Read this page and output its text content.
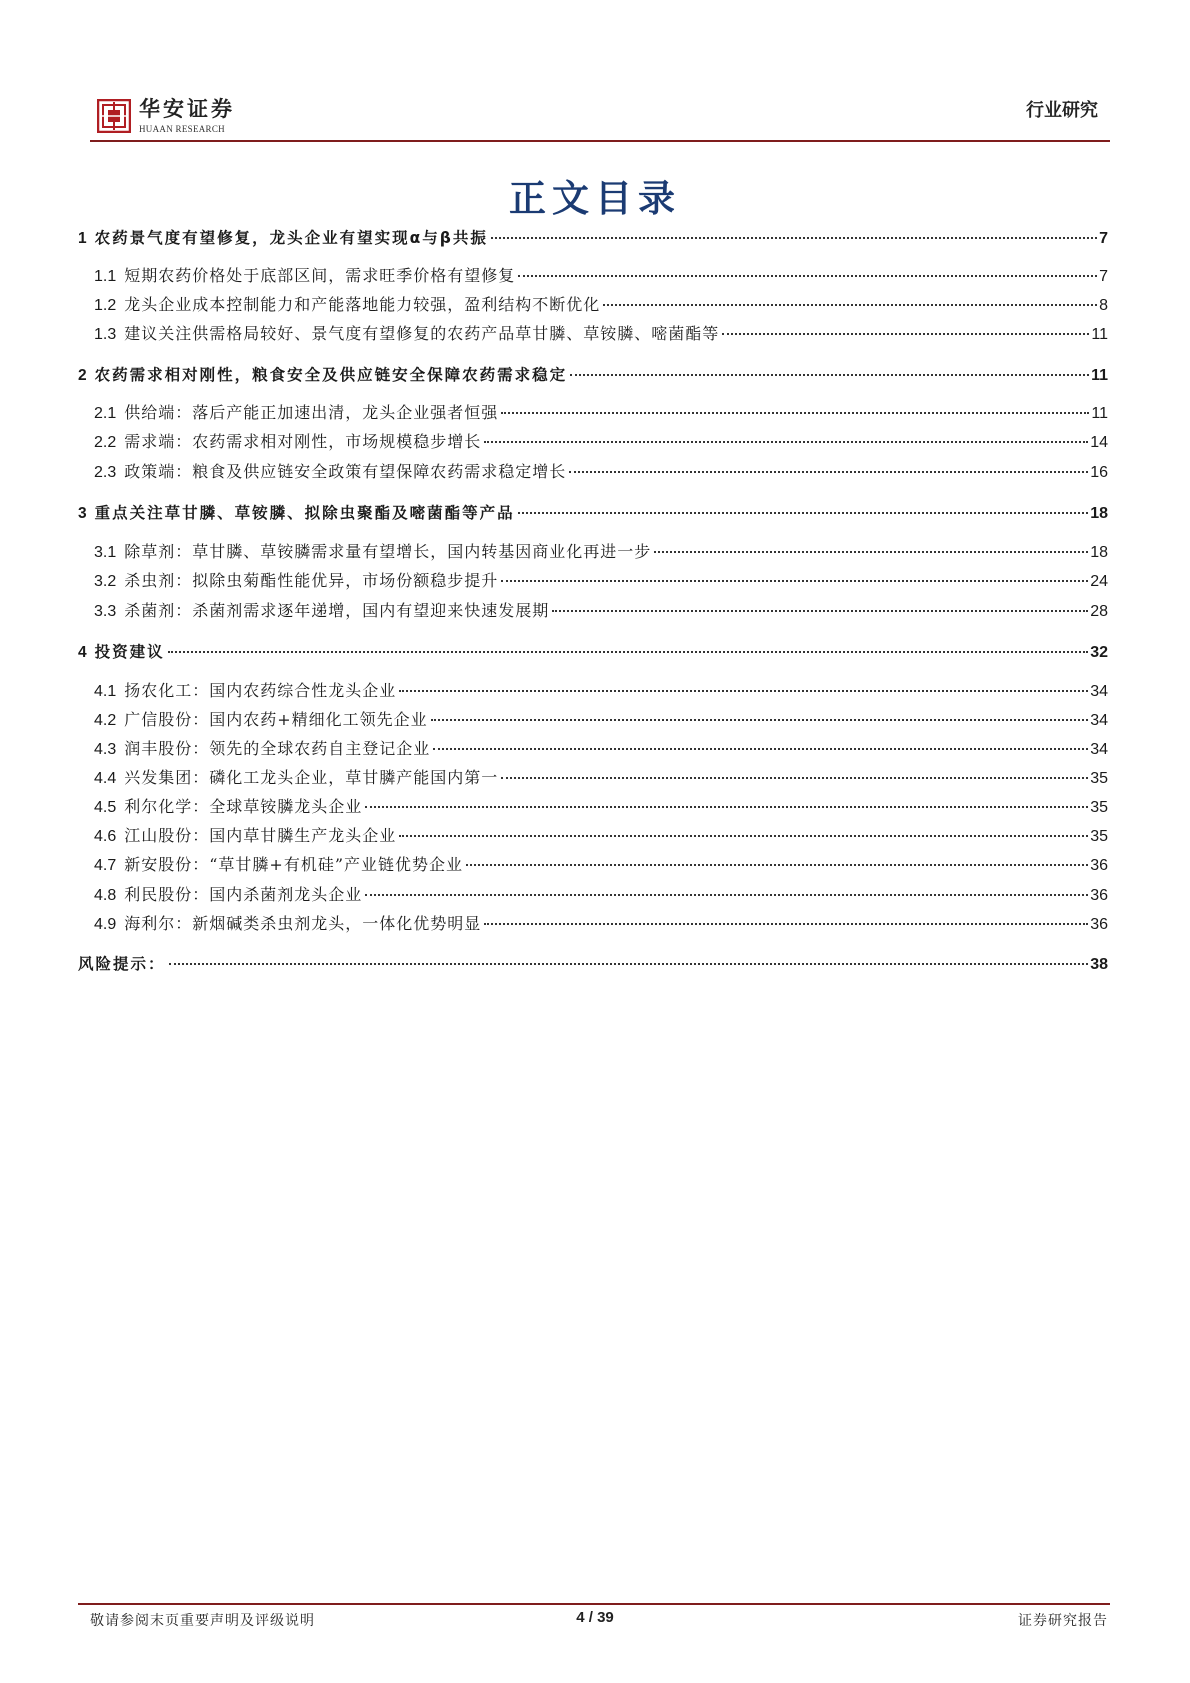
华安证券
HUAAN RESEARCH
行业研究
正文目录
1 农药景气度有望修复，龙头企业有望实现α与β共振	7
1.1 短期农药价格处于底部区间，需求旺季价格有望修复	7
1.2 龙头企业成本控制能力和产能落地能力较强，盈利结构不断优化	8
1.3 建议关注供需格局较好、景气度有望修复的农药产品草甘膦、草铵膦、嘧菌酯等	11
2 农药需求相对刚性，粮食安全及供应链安全保障农药需求稳定	11
2.1 供给端：落后产能正加速出清，龙头企业强者恒强	11
2.2 需求端：农药需求相对刚性，市场规模稳步增长	14
2.3 政策端：粮食及供应链安全政策有望保障农药需求稳定增长	16
3 重点关注草甘膦、草铵膦、拟除虫聚酯及嘧菌酯等产品	18
3.1 除草剂：草甘膦、草铵膦需求量有望增长，国内转基因商业化再进一步	18
3.2 杀虫剂：拟除虫菊酯性能优异，市场份额稳步提升	24
3.3 杀菌剂：杀菌剂需求逐年递增，国内有望迎来快速发展期	28
4 投资建议	32
4.1 扬农化工：国内农药综合性龙头企业	34
4.2 广信股份：国内农药+精细化工领先企业	34
4.3 润丰股份：领先的全球农药自主登记企业	34
4.4 兴发集团：磷化工龙头企业，草甘膦产能国内第一	35
4.5 利尔化学：全球草铵膦龙头企业	35
4.6 江山股份：国内草甘膦生产龙头企业	35
4.7 新安股份：“草甘膦+有机硅”产业链优势企业	36
4.8 利民股份：国内杀菌剂龙头企业	36
4.9 海利尔：新烟碱类杀虫剂龙头，一体化优势明显	36
风险提示：	38
敬请参阅末页重要声明及评级说明	4 / 39	证券研究报告
